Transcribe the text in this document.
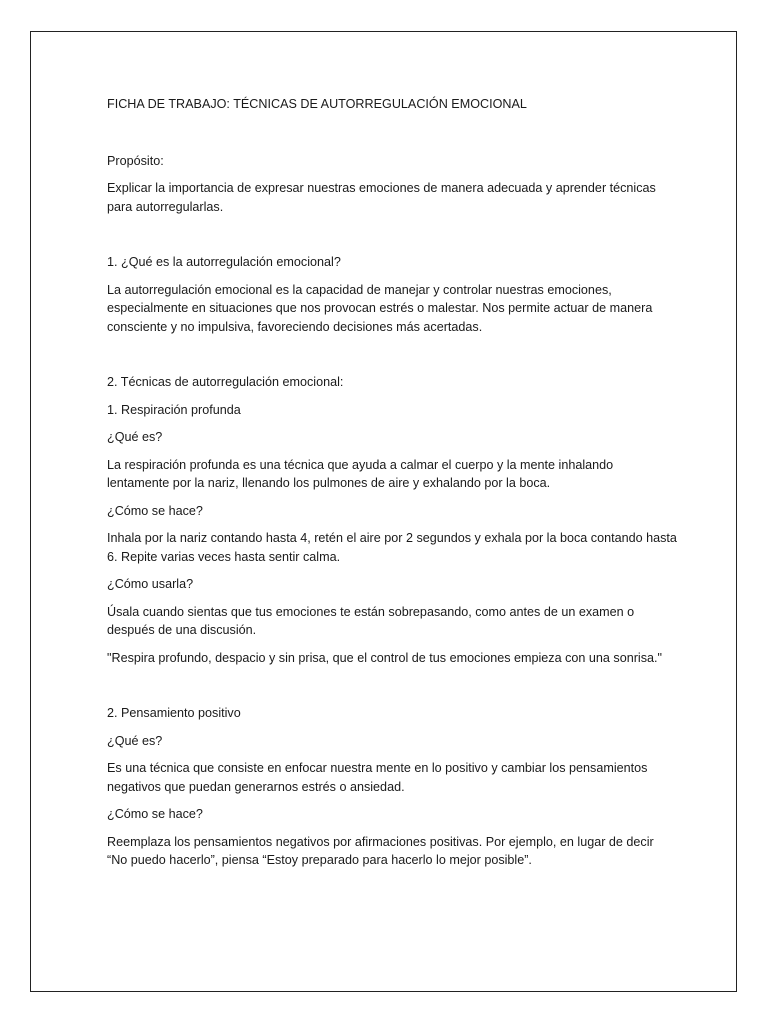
FICHA DE TRABAJO: TÉCNICAS DE AUTORREGULACIÓN EMOCIONAL

Propósito:

Explicar la importancia de expresar nuestras emociones de manera adecuada y aprender técnicas para autorregularlas.

1. ¿Qué es la autorregulación emocional?

La autorregulación emocional es la capacidad de manejar y controlar nuestras emociones, especialmente en situaciones que nos provocan estrés o malestar. Nos permite actuar de manera consciente y no impulsiva, favoreciendo decisiones más acertadas.

2. Técnicas de autorregulación emocional:

1. Respiración profunda

¿Qué es?

La respiración profunda es una técnica que ayuda a calmar el cuerpo y la mente inhalando lentamente por la nariz, llenando los pulmones de aire y exhalando por la boca.

¿Cómo se hace?

Inhala por la nariz contando hasta 4, retén el aire por 2 segundos y exhala por la boca contando hasta 6. Repite varias veces hasta sentir calma.

¿Cómo usarla?

Úsala cuando sientas que tus emociones te están sobrepasando, como antes de un examen o después de una discusión.

"Respira profundo, despacio y sin prisa, que el control de tus emociones empieza con una sonrisa."

2. Pensamiento positivo

¿Qué es?

Es una técnica que consiste en enfocar nuestra mente en lo positivo y cambiar los pensamientos negativos que puedan generarnos estrés o ansiedad.

¿Cómo se hace?

Reemplaza los pensamientos negativos por afirmaciones positivas. Por ejemplo, en lugar de decir “No puedo hacerlo”, piensa “Estoy preparado para hacerlo lo mejor posible”.
